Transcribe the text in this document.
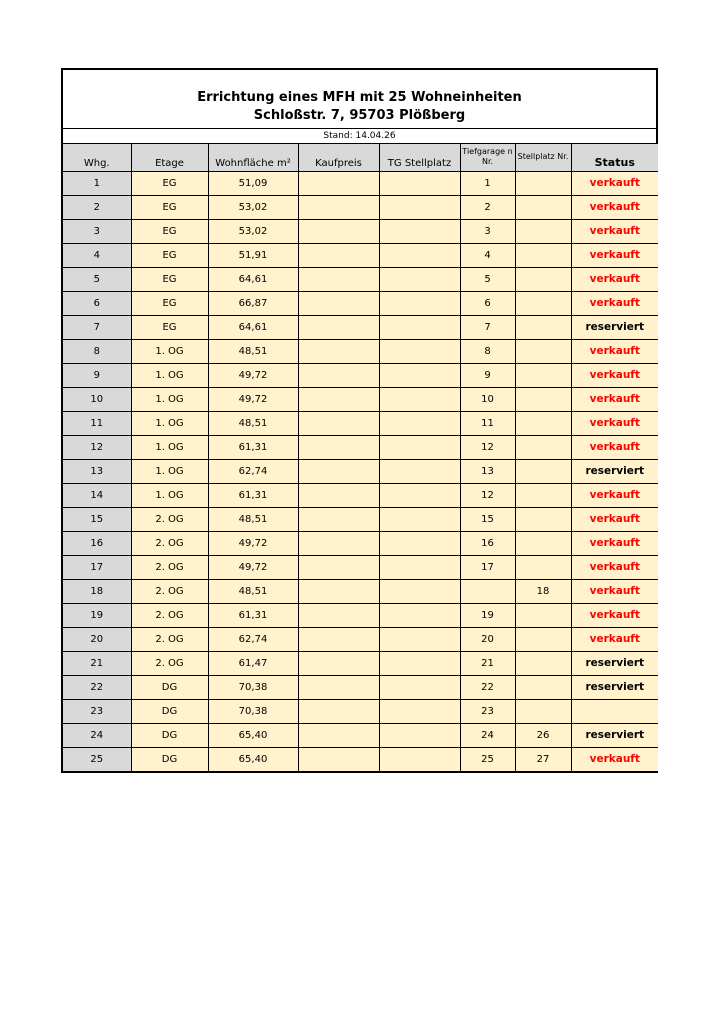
Errichtung eines MFH mit 25 Wohneinheiten
Schloßstr. 7, 95703 Plößberg
Stand: 14.04.26
Whg.	Etage	Wohnfläche m²	Kaufpreis	TG Stellplatz	Tiefgarage n Nr.	Stellplatz Nr.	Status
1	EG	51,09			1		verkauft
2	EG	53,02			2		verkauft
3	EG	53,02			3		verkauft
4	EG	51,91			4		verkauft
5	EG	64,61			5		verkauft
6	EG	66,87			6		verkauft
7	EG	64,61			7		reserviert
8	1. OG	48,51			8		verkauft
9	1. OG	49,72			9		verkauft
10	1. OG	49,72			10		verkauft
11	1. OG	48,51			11		verkauft
12	1. OG	61,31			12		verkauft
13	1. OG	62,74			13		reserviert
14	1. OG	61,31			12		verkauft
15	2. OG	48,51			15		verkauft
16	2. OG	49,72			16		verkauft
17	2. OG	49,72			17		verkauft
18	2. OG	48,51				18	verkauft
19	2. OG	61,31			19		verkauft
20	2. OG	62,74			20		verkauft
21	2. OG	61,47			21		reserviert
22	DG	70,38			22		reserviert
23	DG	70,38			23		
24	DG	65,40			24	26	reserviert
25	DG	65,40			25	27	verkauft
